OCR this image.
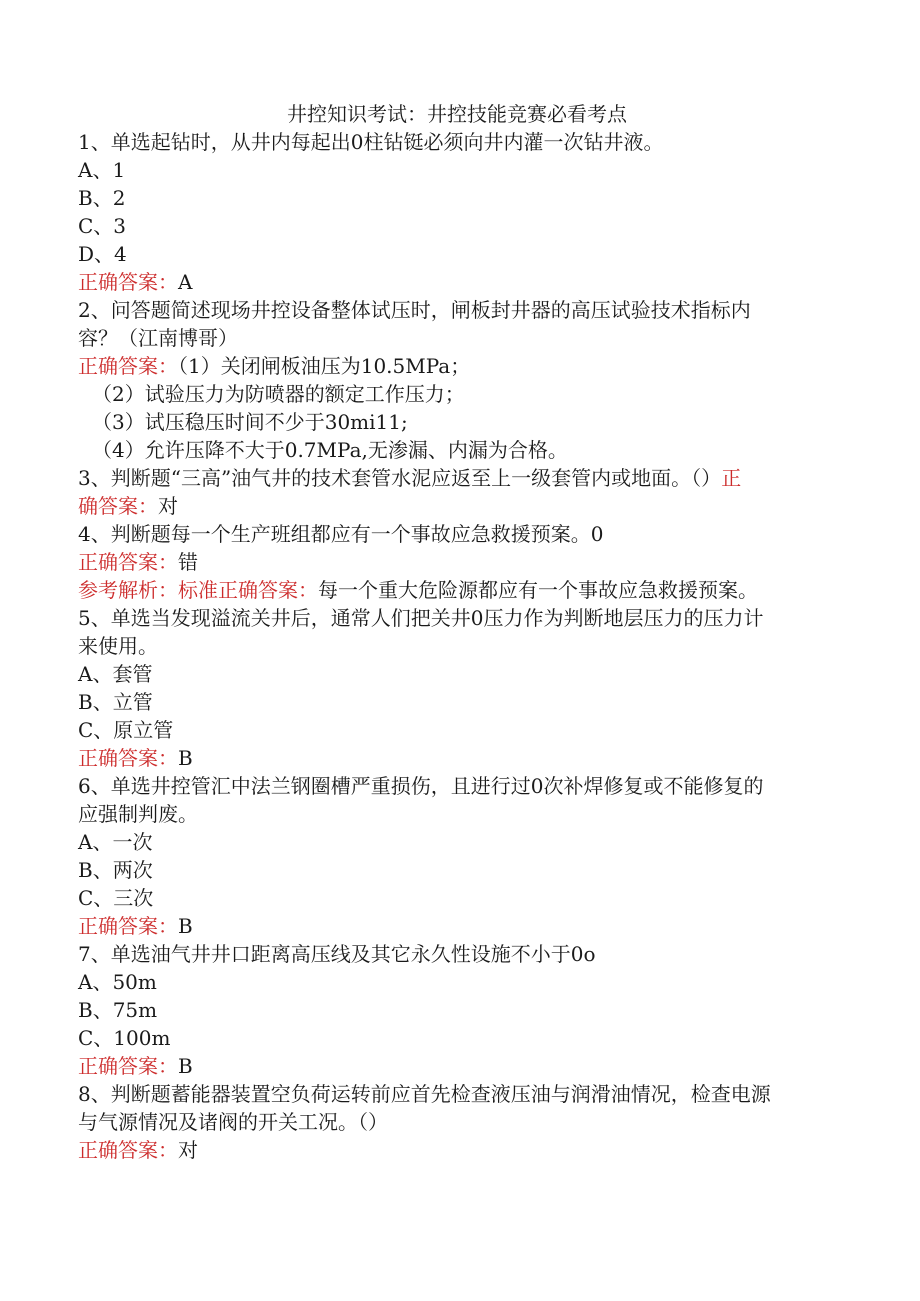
井控知识考试：井控技能竞赛必看考点
1、单选起钻时，从井内每起出0柱钻铤必须向井内灌一次钻井液。
A、1
B、2
C、3
D、4
正确答案：A
2、问答题简述现场井控设备整体试压时，闸板封井器的高压试验技术指标内
容？（江南博哥）
正确答案：（1）关闭闸板油压为10.5MPa；
（2）试验压力为防喷器的额定工作压力；
（3）试压稳压时间不少于30mi11;
（4）允许压降不大于0.7MPa,无渗漏、内漏为合格。
3、判断题“三高”油气井的技术套管水泥应返至上一级套管内或地面。（）正
确答案：对
4、判断题每一个生产班组都应有一个事故应急救援预案。0
正确答案：错
参考解析：标准正确答案：每一个重大危险源都应有一个事故应急救援预案。
5、单选当发现溢流关井后，通常人们把关井0压力作为判断地层压力的压力计
来使用。
A、套管
B、立管
C、原立管
正确答案：B
6、单选井控管汇中法兰钢圈槽严重损伤，且进行过0次补焊修复或不能修复的
应强制判废。
A、一次
B、两次
C、三次
正确答案：B
7、单选油气井井口距离高压线及其它永久性设施不小于0o
A、50m
B、75m
C、100m
正确答案：B
8、判断题蓄能器装置空负荷运转前应首先检查液压油与润滑油情况，检查电源
与气源情况及诸阀的开关工况。（）
正确答案：对
